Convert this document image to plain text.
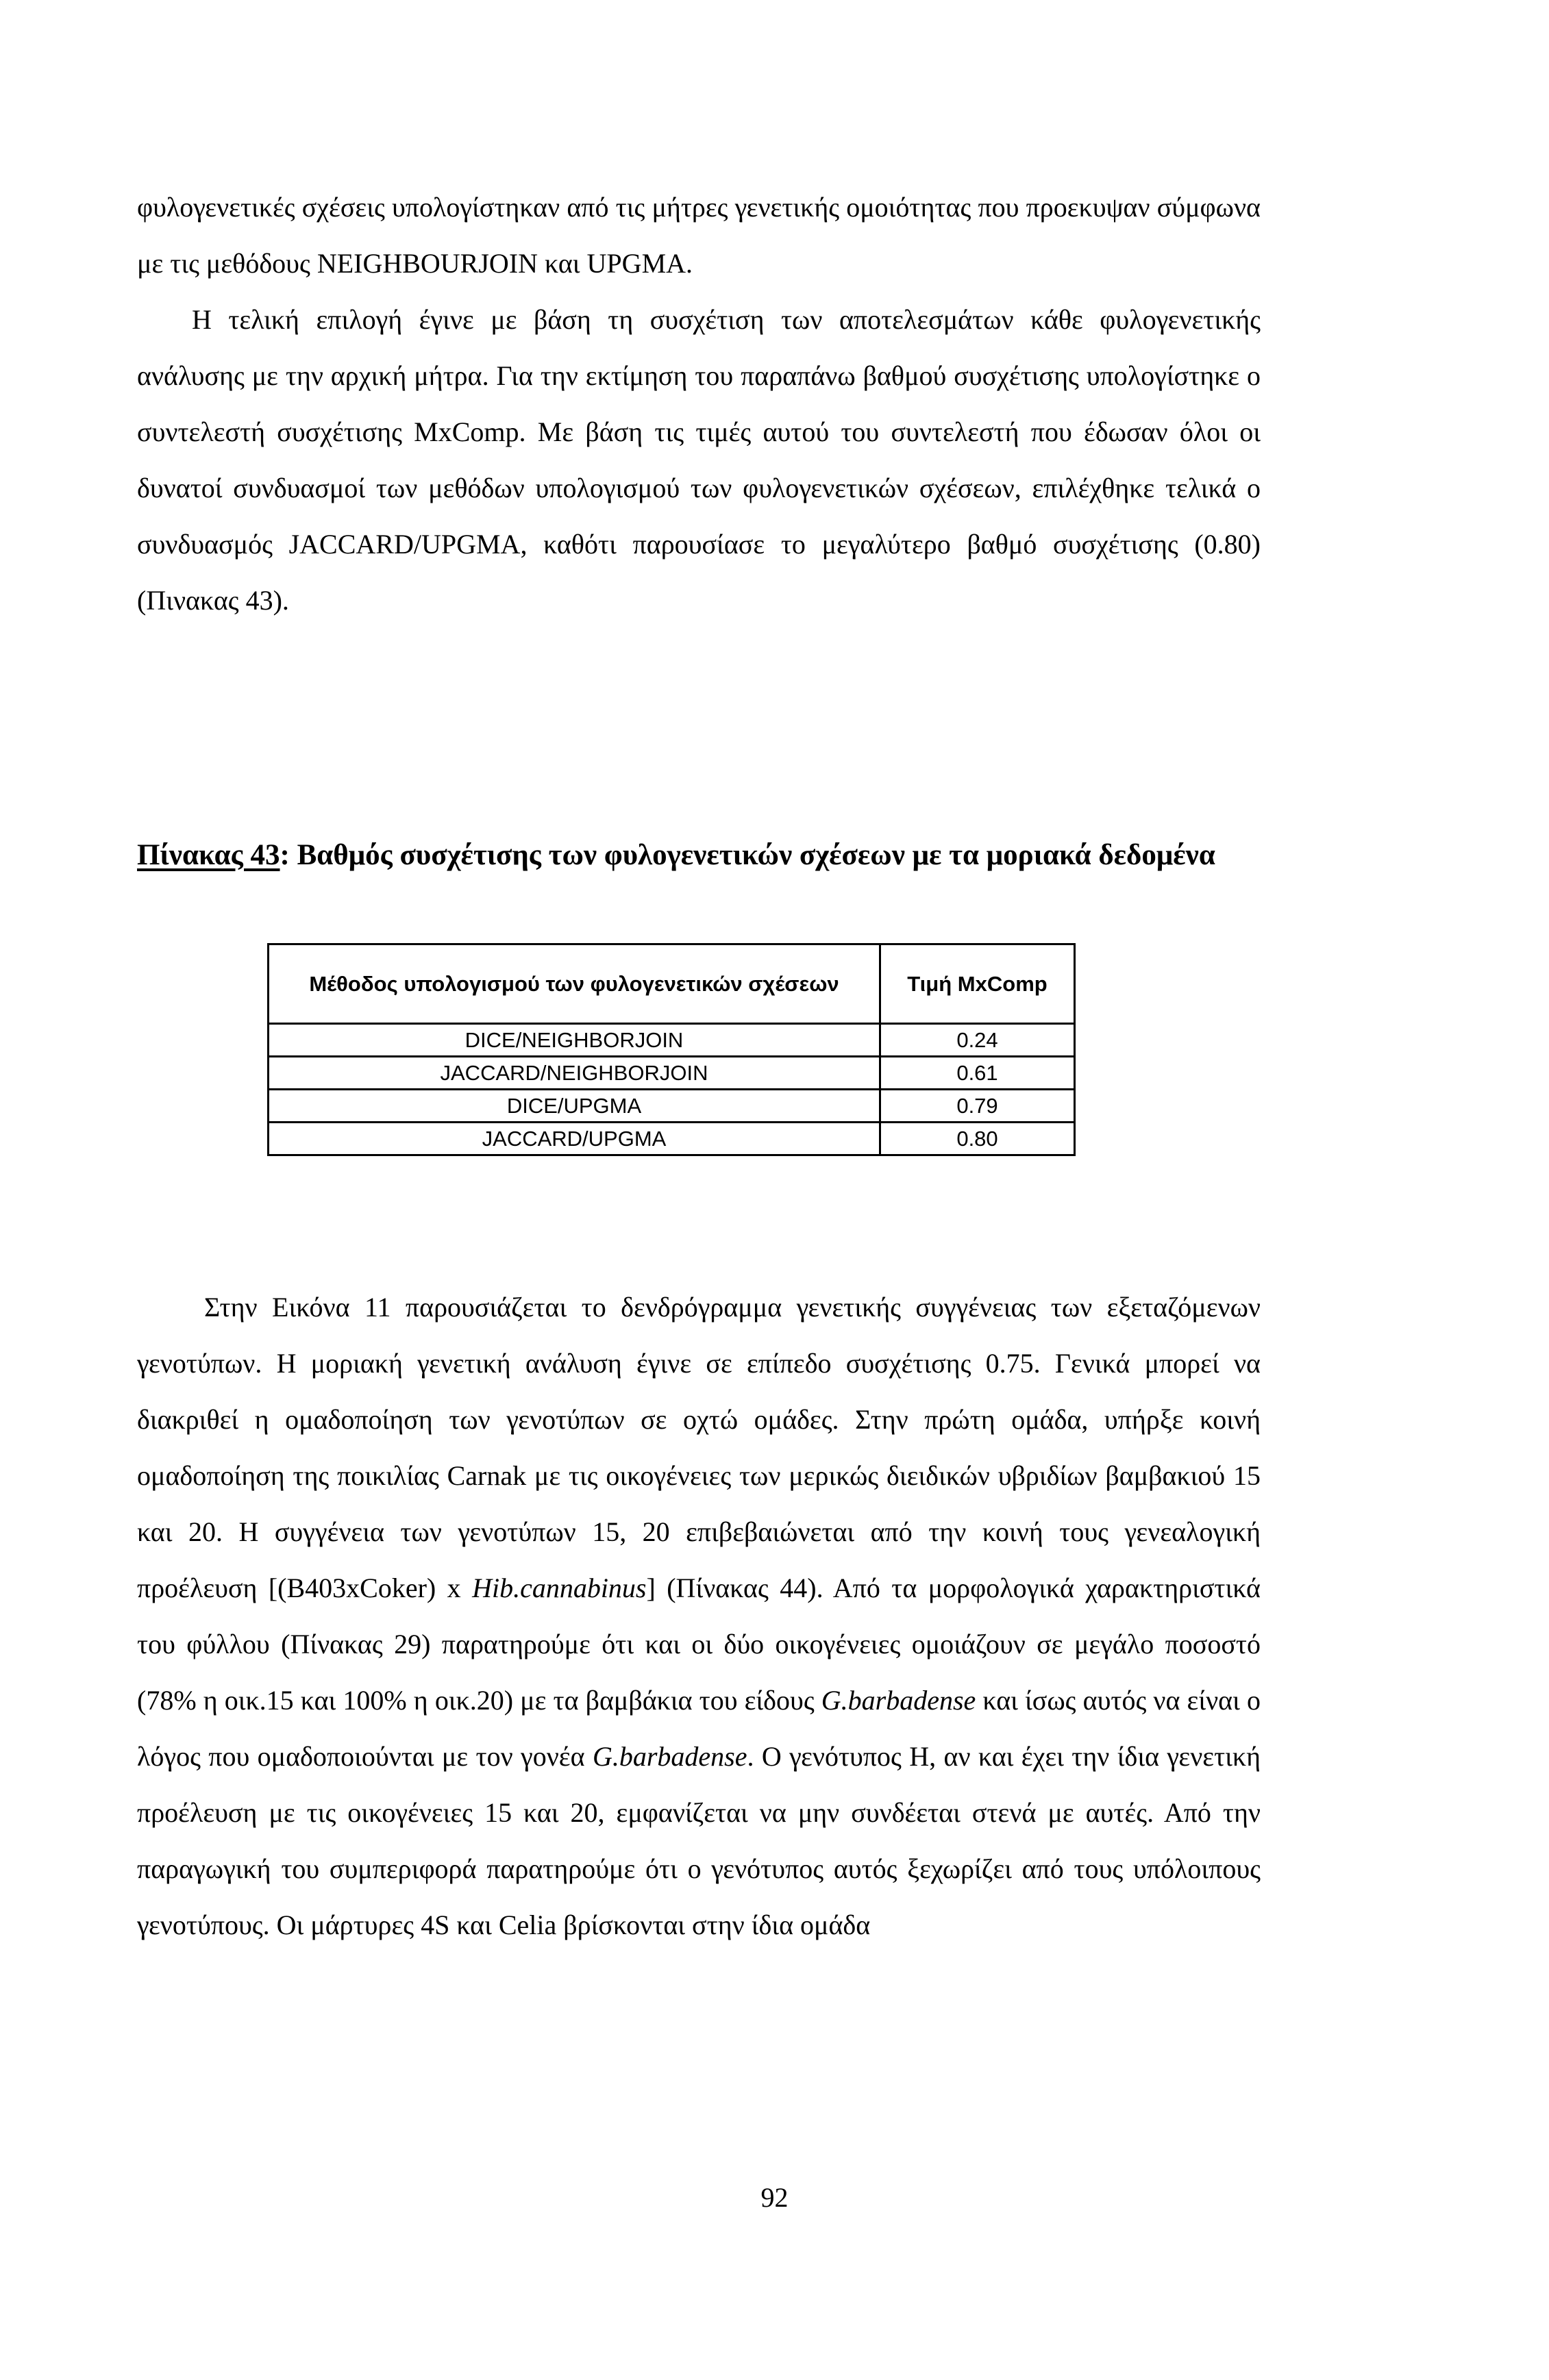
φυλογενετικές σχέσεις υπολογίστηκαν από τις μήτρες γενετικής ομοιότητας που προεκυψαν σύμφωνα με τις μεθόδους NEIGHBOURJOIN και UPGMA.
  Η τελική επιλογή έγινε με βάση τη συσχέτιση των αποτελεσμάτων κάθε φυλογενετικής ανάλυσης με την αρχική μήτρα. Για την εκτίμηση του παραπάνω βαθμού συσχέτισης υπολογίστηκε ο συντελεστή συσχέτισης MxComp. Με βάση τις τιμές αυτού του συντελεστή που έδωσαν όλοι οι δυνατοί συνδυασμοί των μεθόδων υπολογισμού των φυλογενετικών σχέσεων, επιλέχθηκε τελικά ο συνδυασμός JACCARD/UPGMA, καθότι παρουσίασε το μεγαλύτερο βαθμό συσχέτισης (0.80) (Πινακας 43).

Πίνακας 43: Βαθμός συσχέτισης των φυλογενετικών σχέσεων με τα μοριακά δεδομένα

Μέθοδος υπολογισμού των φυλογενετικών σχέσεων	Τιμή MxComp
DICE/NEIGHBORJOIN	0.24
JACCARD/NEIGHBORJOIN	0.61
DICE/UPGMA	0.79
JACCARD/UPGMA	0.80

Στην Εικόνα 11 παρουσιάζεται το δενδρόγραμμα γενετικής συγγένειας των εξεταζόμενων γενοτύπων. Η μοριακή γενετική ανάλυση έγινε σε επίπεδο συσχέτισης 0.75. Γενικά μπορεί να διακριθεί η ομαδοποίηση των γενοτύπων σε οχτώ ομάδες. Στην πρώτη ομάδα, υπήρξε κοινή ομαδοποίηση της ποικιλίας Carnak με τις οικογένειες των μερικώς διειδικών υβριδίων βαμβακιού 15 και 20. Η συγγένεια των γενοτύπων 15, 20 επιβεβαιώνεται από την κοινή τους γενεαλογική προέλευση [(B403xCoker) x Hib.cannabinus] (Πίνακας 44). Από τα μορφολογικά χαρακτηριστικά του φύλλου (Πίνακας 29) παρατηρούμε ότι και οι δύο οικογένειες ομοιάζουν σε μεγάλο ποσοστό (78% η οικ.15 και 100% η οικ.20) με τα βαμβάκια του είδους G.barbadense και ίσως αυτός να είναι ο λόγος που ομαδοποιούνται με τον γονέα G.barbadense. Ο γενότυπος Η, αν και έχει την ίδια γενετική προέλευση με τις οικογένειες 15 και 20, εμφανίζεται να μην συνδέεται στενά με αυτές. Από την παραγωγική του συμπεριφορά παρατηρούμε ότι ο γενότυπος αυτός ξεχωρίζει από τους υπόλοιπους γενοτύπους. Οι μάρτυρες 4S και Celia βρίσκονται στην ίδια ομάδα

92
